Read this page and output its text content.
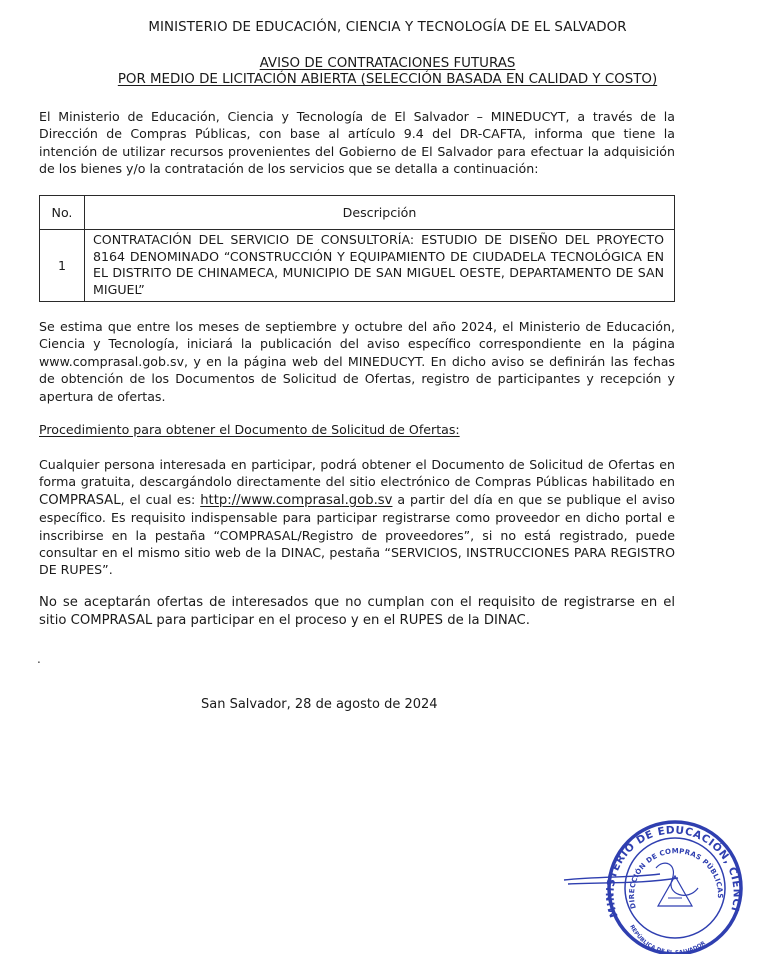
MINISTERIO DE EDUCACIÓN, CIENCIA Y TECNOLOGÍA DE EL SALVADOR
AVISO DE CONTRATACIONES FUTURAS
POR MEDIO DE LICITACIÓN ABIERTA (SELECCIÓN BASADA EN CALIDAD Y COSTO)

El Ministerio de Educación, Ciencia y Tecnología de El Salvador – MINEDUCYT, a través de la Dirección de Compras Públicas, con base al artículo 9.4 del DR-CAFTA, informa que tiene la intención de utilizar recursos provenientes del Gobierno de El Salvador para efectuar la adquisición de los bienes y/o la contratación de los servicios que se detalla a continuación:

No.	Descripción
1	CONTRATACIÓN DEL SERVICIO DE CONSULTORÍA: ESTUDIO DE DISEÑO DEL PROYECTO 8164 DENOMINADO “CONSTRUCCIÓN Y EQUIPAMIENTO DE CIUDADELA TECNOLÓGICA EN EL DISTRITO DE CHINAMECA, MUNICIPIO DE SAN MIGUEL OESTE, DEPARTAMENTO DE SAN MIGUEL”

Se estima que entre los meses de septiembre y octubre del año 2024, el Ministerio de Educación, Ciencia y Tecnología, iniciará la publicación del aviso específico correspondiente en la página www.comprasal.gob.sv, y en la página web del MINEDUCYT. En dicho aviso se definirán las fechas de obtención de los Documentos de Solicitud de Ofertas, registro de participantes y recepción y apertura de ofertas.

Procedimiento para obtener el Documento de Solicitud de Ofertas:

Cualquier persona interesada en participar, podrá obtener el Documento de Solicitud de Ofertas en forma gratuita, descargándolo directamente del sitio electrónico de Compras Públicas habilitado en COMPRASAL, el cual es: http://www.comprasal.gob.sv a partir del día en que se publique el aviso específico. Es requisito indispensable para participar registrarse como proveedor en dicho portal e inscribirse en la pestaña “COMPRASAL/Registro de proveedores”, si no está registrado, puede consultar en el mismo sitio web de la DINAC, pestaña “SERVICIOS, INSTRUCCIONES PARA REGISTRO DE RUPES”.

No se aceptarán ofertas de interesados que no cumplan con el requisito de registrarse en el sitio COMPRASAL para participar en el proceso y en el RUPES de la DINAC.

.
San Salvador, 28 de agosto de 2024
MINISTERIO DE EDUCACIÓN, CIENCI
DIRECCIÓN DE COMPRAS PÚBLICAS
REPÚBLICA DE EL SALVADOR
